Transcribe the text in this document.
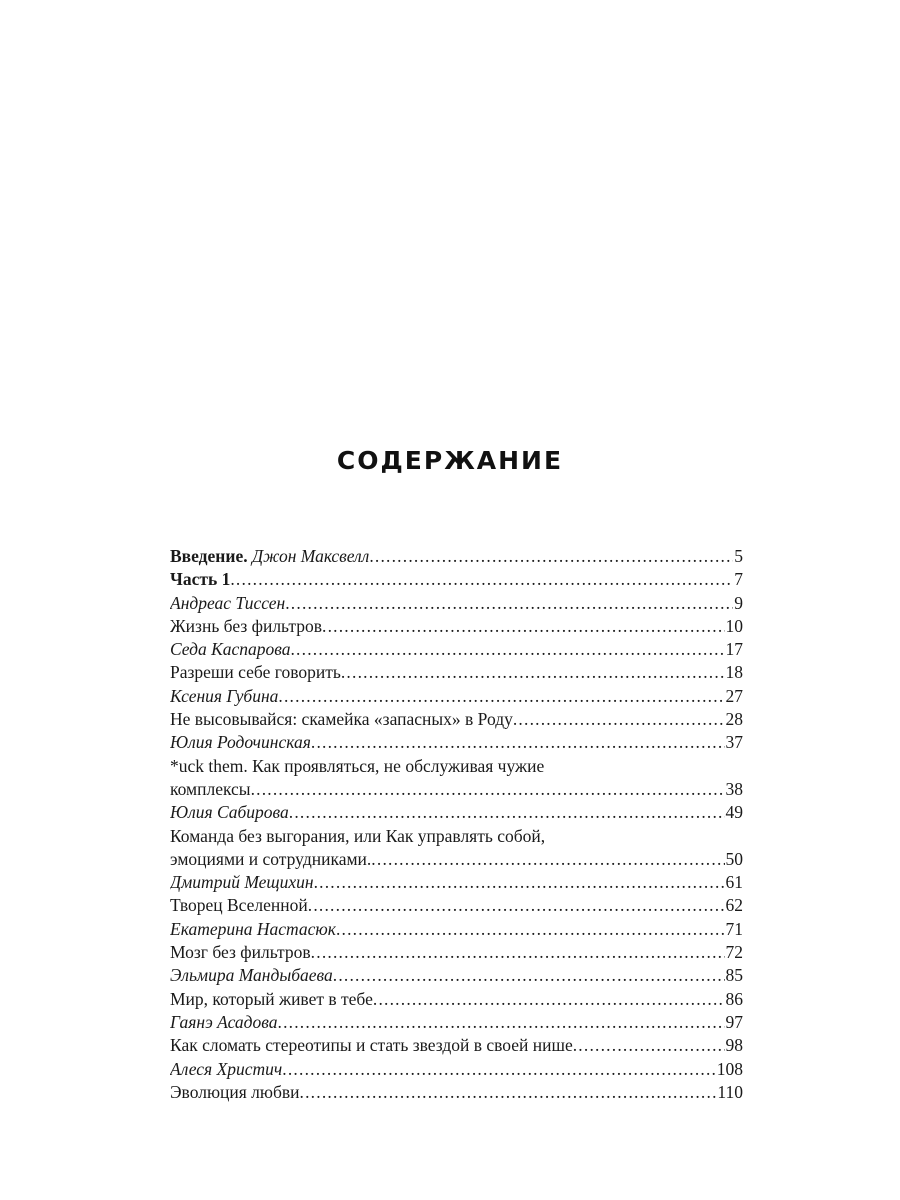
СОДЕРЖАНИЕ
Введение. Джон Максвелл .....	5
Часть 1 .....	7
Андреас Тиссен .....	9
Жизнь без фильтров .....	10
Седа Каспарова .....	17
Разреши себе говорить .....	18
Ксения Губина .....	27
Не высовывайся: скамейка «запасных» в Роду .....	28
Юлия Родочинская .....	37
*uck them. Как проявляться, не обслуживая чужие
комплексы .....	38
Юлия Сабирова .....	49
Команда без выгорания, или Как управлять собой,
эмоциями и сотрудниками. .....	50
Дмитрий Мещихин .....	61
Творец Вселенной .....	62
Екатерина Настасюк .....	71
Мозг без фильтров .....	72
Эльмира Мандыбаева .....	85
Мир, который живет в тебе .....	86
Гаянэ Асадова .....	97
Как сломать стереотипы и стать звездой в своей нише .....	98
Алеся Христич .....	108
Эволюция любви .....	110
